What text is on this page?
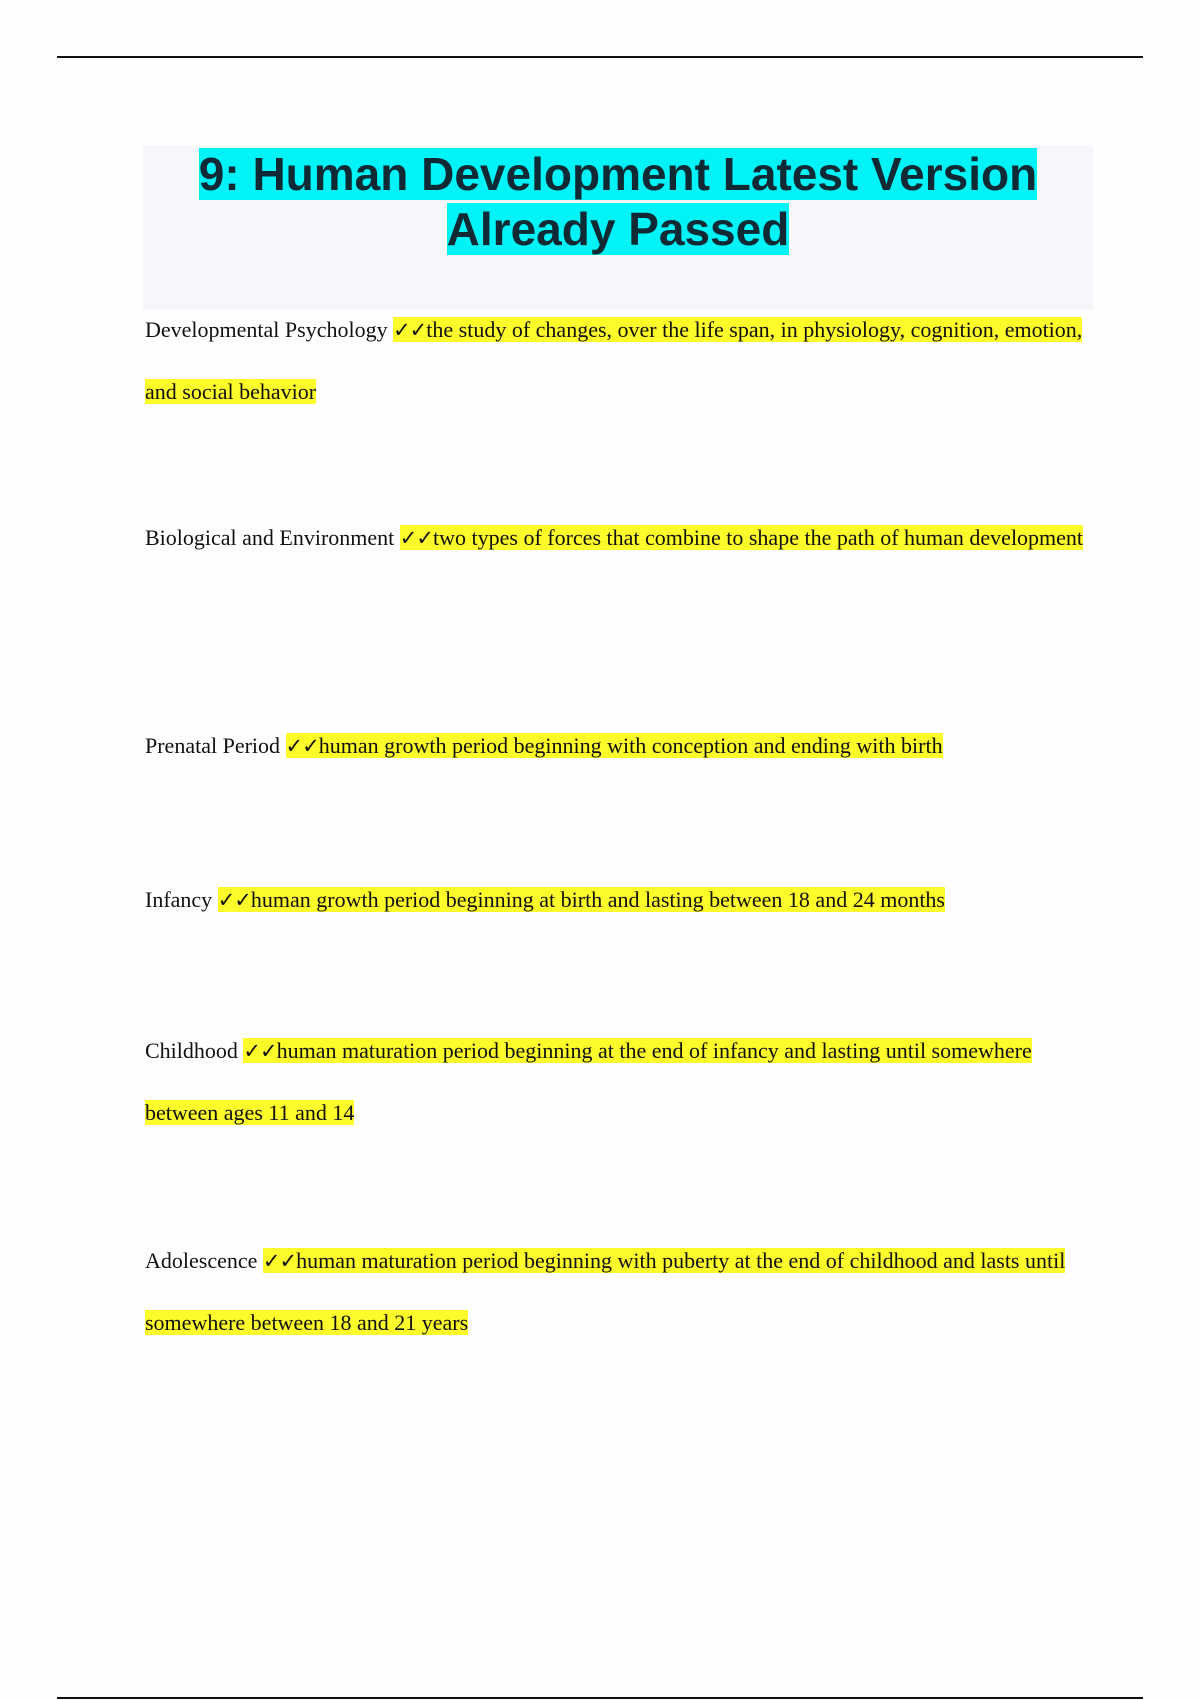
9: Human Development Latest Version Already Passed
Developmental Psychology ✓✓the study of changes, over the life span, in physiology, cognition, emotion, and social behavior
Biological and Environment ✓✓two types of forces that combine to shape the path of human development
Prenatal Period ✓✓human growth period beginning with conception and ending with birth
Infancy ✓✓human growth period beginning at birth and lasting between 18 and 24 months
Childhood ✓✓human maturation period beginning at the end of infancy and lasting until somewhere between ages 11 and 14
Adolescence ✓✓human maturation period beginning with puberty at the end of childhood and lasts until somewhere between 18 and 21 years
